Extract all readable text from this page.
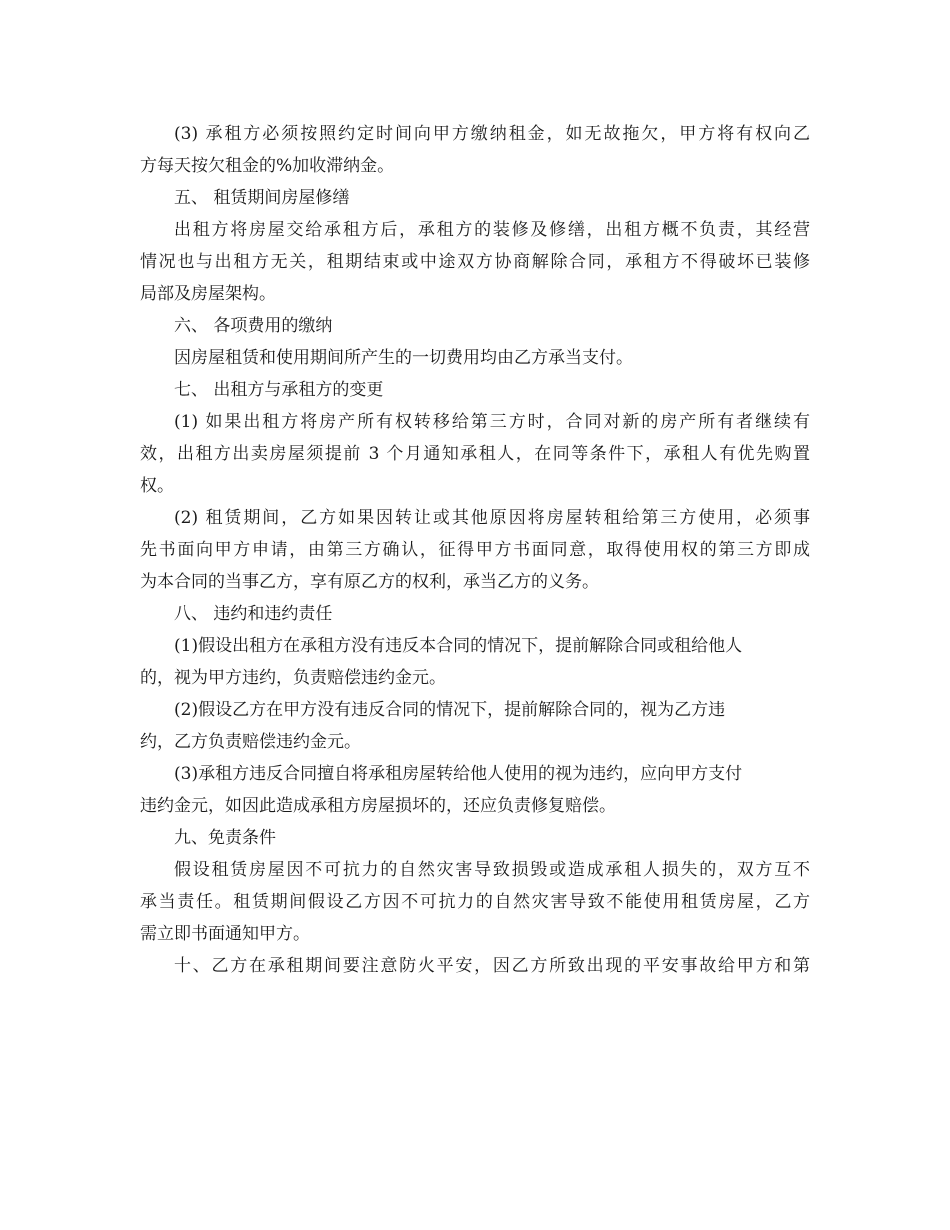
(3) 承租方必须按照约定时间向甲方缴纳租金，如无故拖欠，甲方将有权向乙
方每天按欠租金的%加收滞纳金。
五、 租赁期间房屋修缮
出租方将房屋交给承租方后，承租方的装修及修缮，出租方概不负责，其经营
情况也与出租方无关，租期结束或中途双方协商解除合同，承租方不得破坏已装修
局部及房屋架构。
六、 各项费用的缴纳
因房屋租赁和使用期间所产生的一切费用均由乙方承当支付。
七、 出租方与承租方的变更
(1) 如果出租方将房产所有权转移给第三方时，合同对新的房产所有者继续有
效，出租方出卖房屋须提前 3 个月通知承租人，在同等条件下，承租人有优先购置
权。
(2) 租赁期间，乙方如果因转让或其他原因将房屋转租给第三方使用，必须事
先书面向甲方申请，由第三方确认，征得甲方书面同意，取得使用权的第三方即成
为本合同的当事乙方，享有原乙方的权利，承当乙方的义务。
八、 违约和违约责任
(1)假设出租方在承租方没有违反本合同的情况下，提前解除合同或租给他人
的，视为甲方违约，负责赔偿违约金元。
(2)假设乙方在甲方没有违反合同的情况下，提前解除合同的，视为乙方违
约，乙方负责赔偿违约金元。
(3)承租方违反合同擅自将承租房屋转给他人使用的视为违约，应向甲方支付
违约金元，如因此造成承租方房屋损坏的，还应负责修复赔偿。
九、免责条件
假设租赁房屋因不可抗力的自然灾害导致损毁或造成承租人损失的，双方互不
承当责任。租赁期间假设乙方因不可抗力的自然灾害导致不能使用租赁房屋，乙方
需立即书面通知甲方。
十、乙方在承租期间要注意防火平安，因乙方所致出现的平安事故给甲方和第
